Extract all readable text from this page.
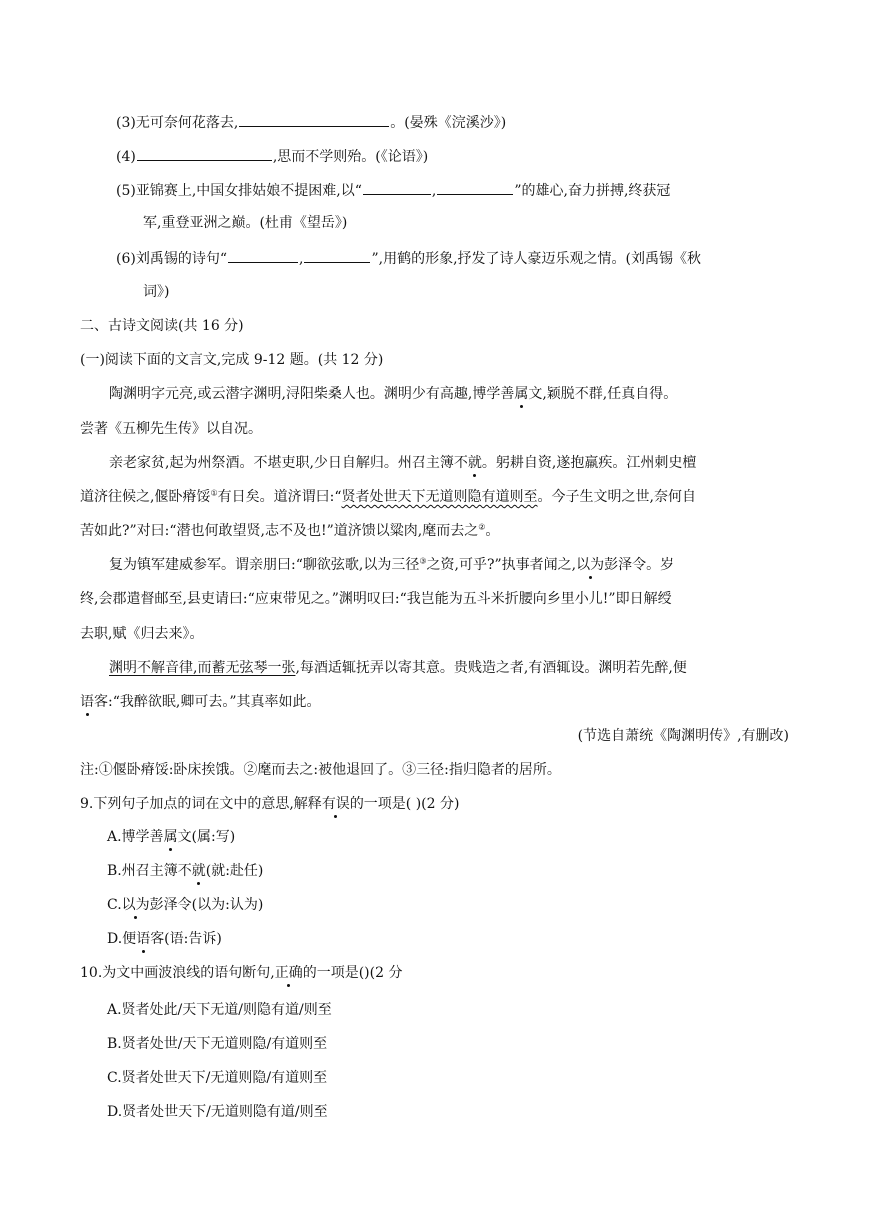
(3)无可奈何花落去,	。(晏殊《浣溪沙》)
(4)	,思而不学则殆。(《论语》)
(5)亚锦赛上,中国女排姑娘不提困难,以“	,	”的雄心,奋力拼搏,终获冠
军,重登亚洲之巅。(杜甫《望岳》)
(6)刘禹锡的诗句“	,	”,用鹤的形象,抒发了诗人豪迈乐观之情。(刘禹锡《秋
词》)
二、古诗文阅读(共 16 分)
(一)阅读下面的文言文,完成 9-12 题。(共 12 分)
陶渊明字元亮,或云潜字渊明,浔阳柴桑人也。渊明少有高趣,博学善属文,颖脱不群,任真自得。
尝著《五柳先生传》以自况。
亲老家贫,起为州祭酒。不堪吏职,少日自解归。州召主簿不就。躬耕自资,遂抱羸疾。江州刺史檀
道济往候之,偃卧瘠馁①有日矣。道济谓曰:“贤者处世天下无道则隐有道则至。今子生文明之世,奈何自
苦如此?”对曰:“潜也何敢望贤,志不及也!”道济馈以粱肉,麾而去之②。
复为镇军建威参军。谓亲朋曰:“聊欲弦歌,以为三径③之资,可乎?”执事者闻之,以为彭泽令。岁
终,会郡遣督邮至,县吏请曰:“应束带见之。”渊明叹曰:“我岂能为五斗米折腰向乡里小儿!”即日解绶
去职,赋《归去来》。
渊明不解音律,而蓄无弦琴一张,每酒适辄抚弄以寄其意。贵贱造之者,有酒辄设。渊明若先醉,便
语客:“我醉欲眠,卿可去。”其真率如此。
(节选自萧统《陶渊明传》,有删改)
注:①偃卧瘠馁:卧床挨饿。②麾而去之:被他退回了。③三径:指归隐者的居所。
9.下列句子加点的词在文中的意思,解释有误的一项是( )(2 分)
A.博学善属文(属:写)
B.州召主簿不就(就:赴任)
C.以为彭泽令(以为:认为)
D.便语客(语:告诉)
10.为文中画波浪线的语句断句,正确的一项是()(2 分
A.贤者处此/天下无道/则隐有道/则至
B.贤者处世/天下无道则隐/有道则至
C.贤者处世天下/无道则隐/有道则至
D.贤者处世天下/无道则隐有道/则至
